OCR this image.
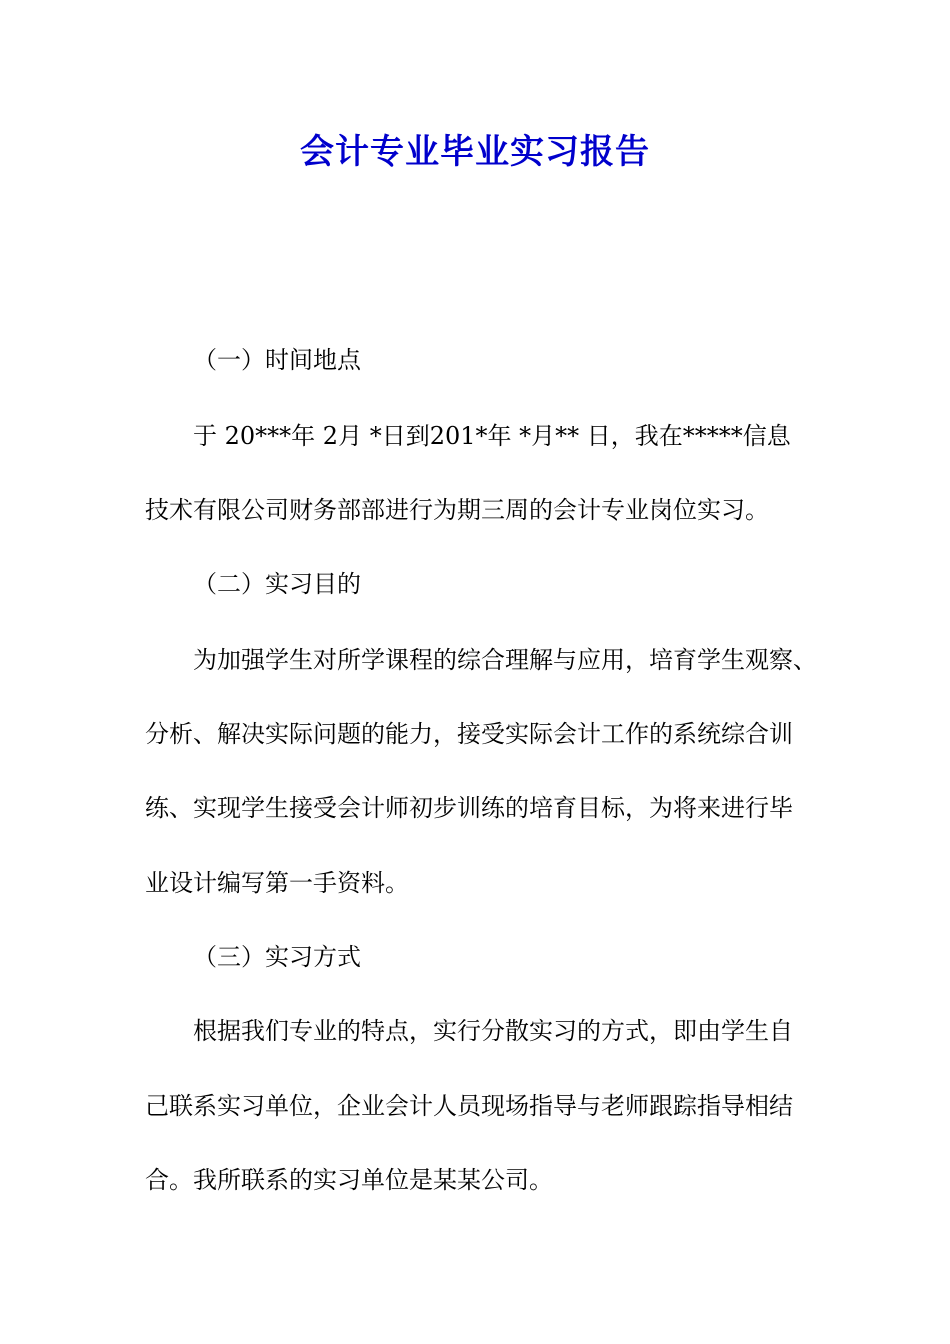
会计专业毕业实习报告
（一）时间地点
于 20***年 2月 *日到201*年 *月** 日，我在*****信息
技术有限公司财务部部进行为期三周的会计专业岗位实习。
（二）实习目的
为加强学生对所学课程的综合理解与应用，培育学生观察、
分析、解决实际问题的能力，接受实际会计工作的系统综合训
练、实现学生接受会计师初步训练的培育目标，为将来进行毕
业设计编写第一手资料。
（三）实习方式
根据我们专业的特点，实行分散实习的方式，即由学生自
己联系实习单位，企业会计人员现场指导与老师跟踪指导相结
合。我所联系的实习单位是某某公司。
